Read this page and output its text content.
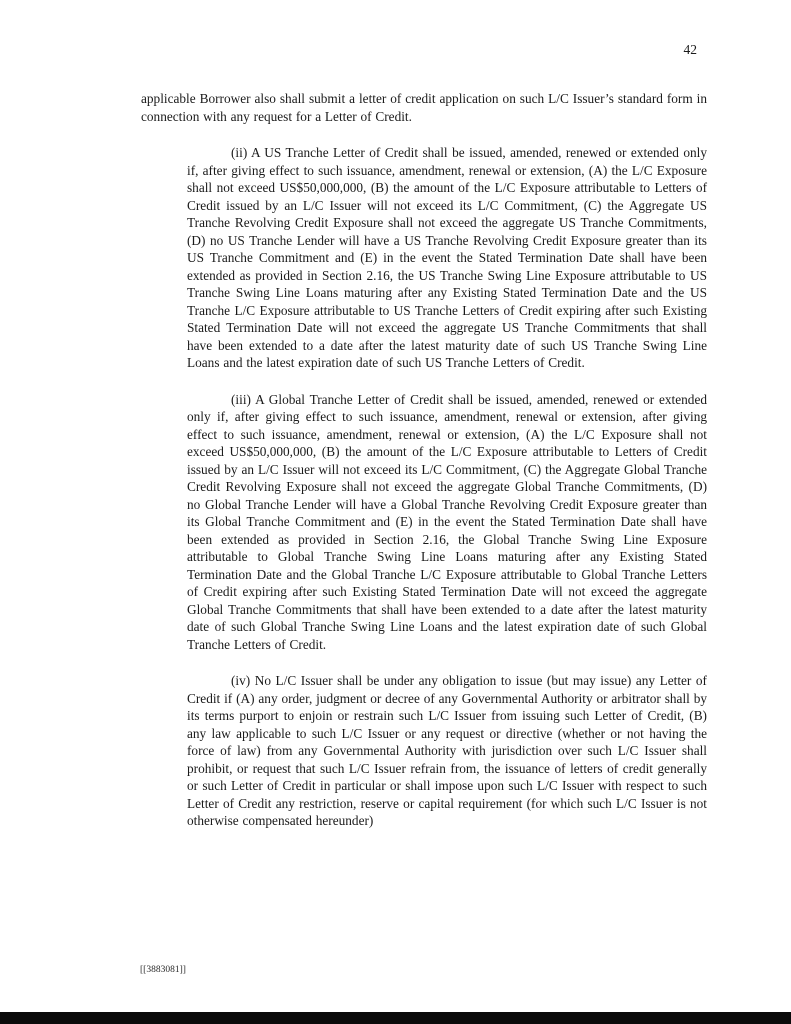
42

applicable Borrower also shall submit a letter of credit application on such L/C Issuer’s standard form in connection with any request for a Letter of Credit.

(ii) A US Tranche Letter of Credit shall be issued, amended, renewed or extended only if, after giving effect to such issuance, amendment, renewal or extension, (A) the L/C Exposure shall not exceed US$50,000,000, (B) the amount of the L/C Exposure attributable to Letters of Credit issued by an L/C Issuer will not exceed its L/C Commitment, (C) the Aggregate US Tranche Revolving Credit Exposure shall not exceed the aggregate US Tranche Commitments, (D) no US Tranche Lender will have a US Tranche Revolving Credit Exposure greater than its US Tranche Commitment and (E) in the event the Stated Termination Date shall have been extended as provided in Section 2.16, the US Tranche Swing Line Exposure attributable to US Tranche Swing Line Loans maturing after any Existing Stated Termination Date and the US Tranche L/C Exposure attributable to US Tranche Letters of Credit expiring after such Existing Stated Termination Date will not exceed the aggregate US Tranche Commitments that shall have been extended to a date after the latest maturity date of such US Tranche Swing Line Loans and the latest expiration date of such US Tranche Letters of Credit.

(iii) A Global Tranche Letter of Credit shall be issued, amended, renewed or extended only if, after giving effect to such issuance, amendment, renewal or extension, after giving effect to such issuance, amendment, renewal or extension, (A) the L/C Exposure shall not exceed US$50,000,000, (B) the amount of the L/C Exposure attributable to Letters of Credit issued by an L/C Issuer will not exceed its L/C Commitment, (C) the Aggregate Global Tranche Credit Revolving Exposure shall not exceed the aggregate Global Tranche Commitments, (D) no Global Tranche Lender will have a Global Tranche Revolving Credit Exposure greater than its Global Tranche Commitment and (E) in the event the Stated Termination Date shall have been extended as provided in Section 2.16, the Global Tranche Swing Line Exposure attributable to Global Tranche Swing Line Loans maturing after any Existing Stated Termination Date and the Global Tranche L/C Exposure attributable to Global Tranche Letters of Credit expiring after such Existing Stated Termination Date will not exceed the aggregate Global Tranche Commitments that shall have been extended to a date after the latest maturity date of such Global Tranche Swing Line Loans and the latest expiration date of such Global Tranche Letters of Credit.

(iv) No L/C Issuer shall be under any obligation to issue (but may issue) any Letter of Credit if (A) any order, judgment or decree of any Governmental Authority or arbitrator shall by its terms purport to enjoin or restrain such L/C Issuer from issuing such Letter of Credit, (B) any law applicable to such L/C Issuer or any request or directive (whether or not having the force of law) from any Governmental Authority with jurisdiction over such L/C Issuer shall prohibit, or request that such L/C Issuer refrain from, the issuance of letters of credit generally or such Letter of Credit in particular or shall impose upon such L/C Issuer with respect to such Letter of Credit any restriction, reserve or capital requirement (for which such L/C Issuer is not otherwise compensated hereunder)

[[3883081]]
